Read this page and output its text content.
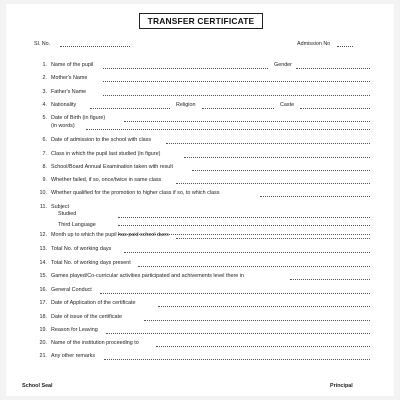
TRANSFER CERTIFICATE
Sl. No.	Admission No
1. Name of the pupil	Gender
2. Mother's Name
3. Father's Name
4. Nationality	Religion	Caste
5. Date of Birth (in figure)
(in words)
6. Date of admission to the school with class
7. Class in which the pupil last studied (in figure)
8. School/Board Annual Examination taken with result
9. Whether failed, if so, once/twice in same class
10. Whether qualified for the promotion to higher class if so, to which class
11. Subject
Studied
Third Language
12. Month up to which the pupil has paid school dues
13. Total No. of working days
14. Total No. of working days present
15. Games played/Co-curricular activities participated and achivements level there in
16. General Conduct
17. Date of Application of the certificate
18. Date of issue of the certificate
19. Reason for Leaving
20. Name of the institution proceeding to
21. Any other remarks
School Seal	Principal
